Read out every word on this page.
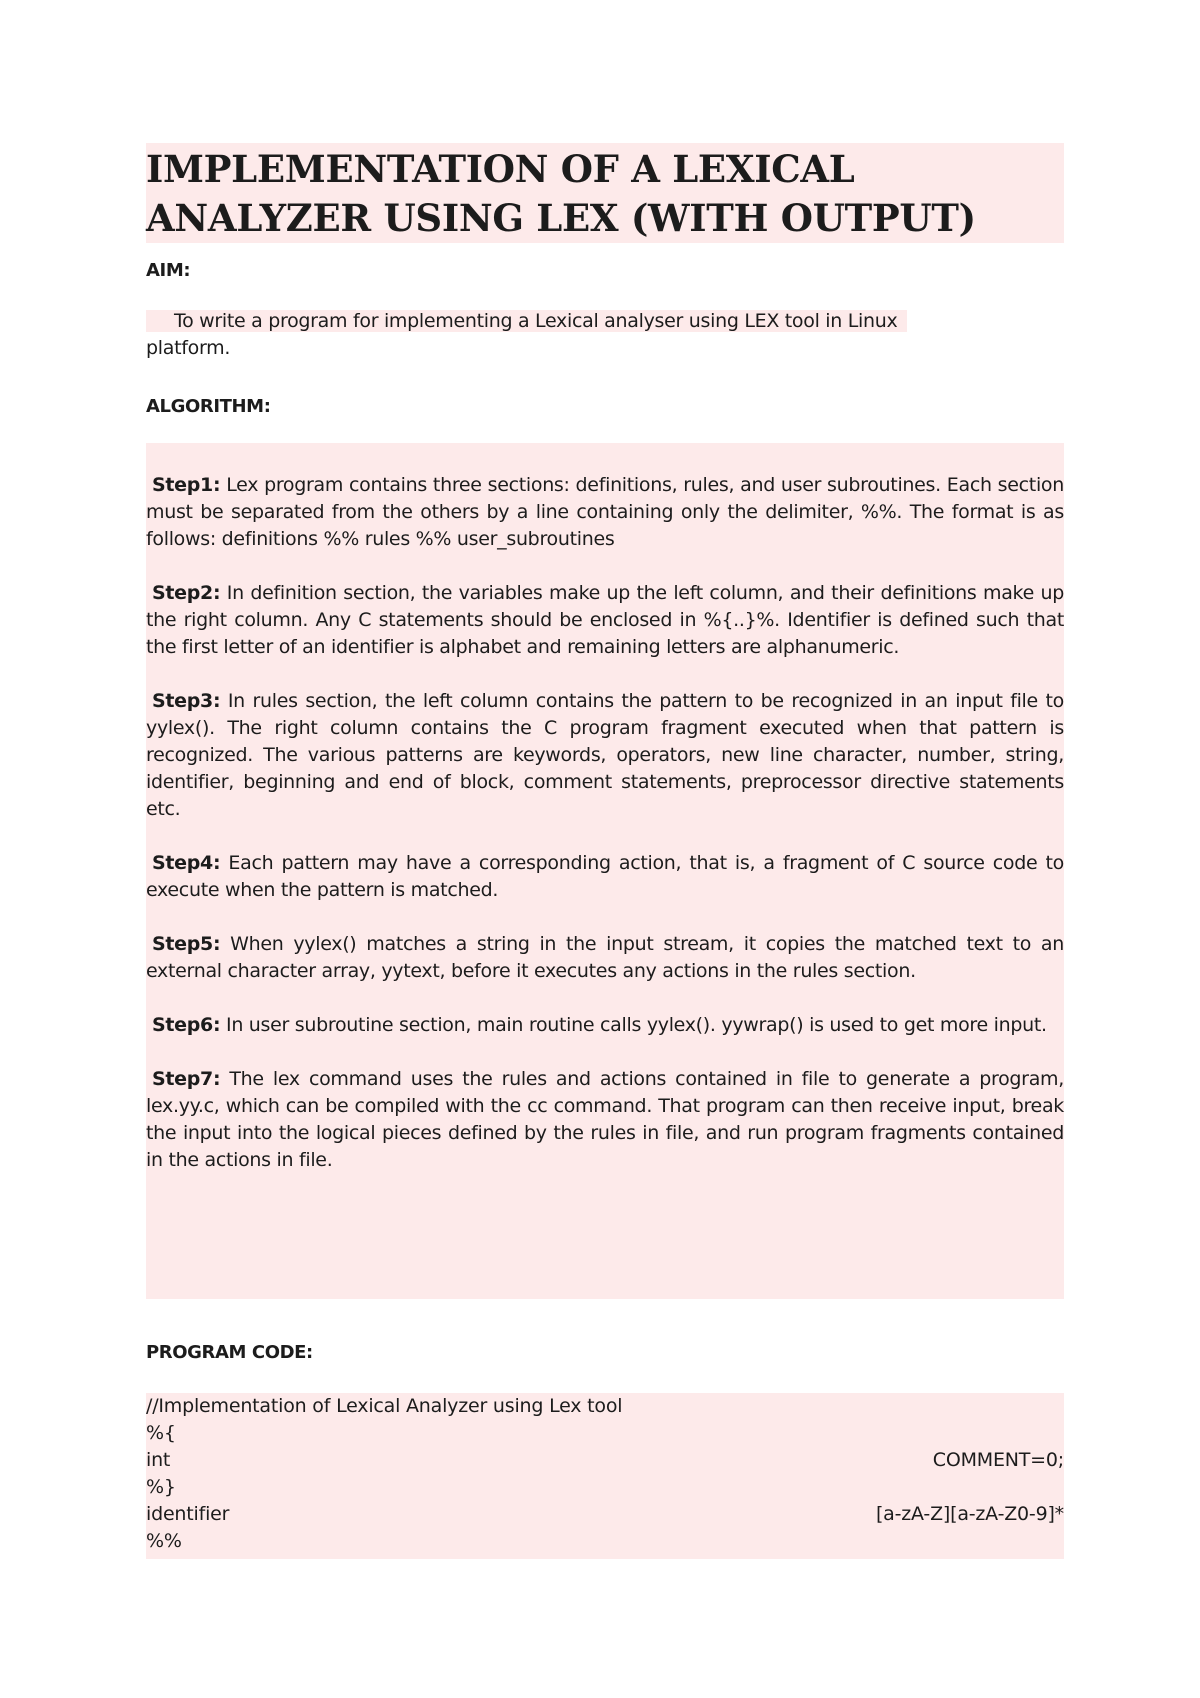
IMPLEMENTATION OF A LEXICAL
ANALYZER USING LEX (WITH OUTPUT)
AIM:
To write a program for implementing a Lexical analyser using LEX tool in Linux
platform.
ALGORITHM:

Step1: Lex program contains three sections: definitions, rules, and user subroutines. Each section must be separated from the others by a line containing only the delimiter, %%. The format is as follows: definitions %% rules %% user_subroutines

Step2: In definition section, the variables make up the left column, and their definitions make up the right column. Any C statements should be enclosed in %{..}%. Identifier is defined such that the first letter of an identifier is alphabet and remaining letters are alphanumeric.

Step3: In rules section, the left column contains the pattern to be recognized in an input file to yylex(). The right column contains the C program fragment executed when that pattern is recognized. The various patterns are keywords, operators, new line character, number, string, identifier, beginning and end of block, comment statements, preprocessor directive statements etc.

Step4: Each pattern may have a corresponding action, that is, a fragment of C source code to execute when the pattern is matched.

Step5: When yylex() matches a string in the input stream, it copies the matched text to an external character array, yytext, before it executes any actions in the rules section.

Step6: In user subroutine section, main routine calls yylex(). yywrap() is used to get more input.

Step7: The lex command uses the rules and actions contained in file to generate a program, lex.yy.c, which can be compiled with the cc command. That program can then receive input, break the input into the logical pieces defined by the rules in file, and run program fragments contained in the actions in file.

PROGRAM CODE:
//Implementation of Lexical Analyzer using Lex tool
%{
int	COMMENT=0;
%}
identifier	[a-zA-Z][a-zA-Z0-9]*
%%
